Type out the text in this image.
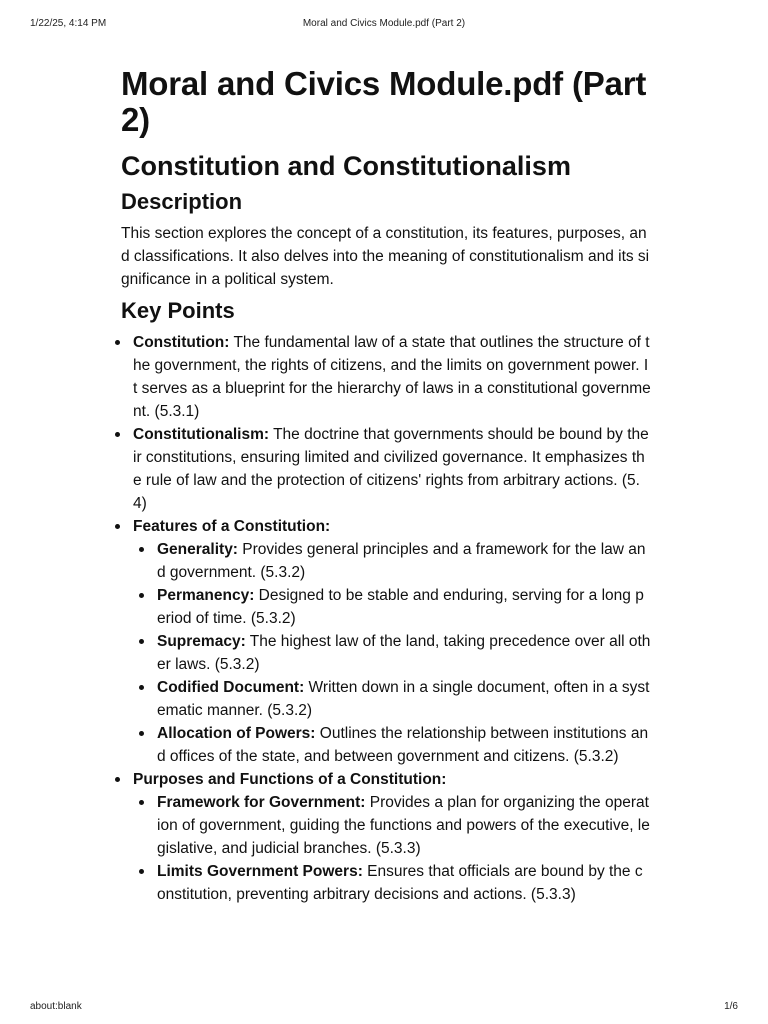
1/22/25, 4:14 PM	Moral and Civics Module.pdf (Part 2)
Moral and Civics Module.pdf (Part 2)
Constitution and Constitutionalism
Description

This section explores the concept of a constitution, its features, purposes, and classifications. It also delves into the meaning of constitutionalism and its significance in a political system.

Key Points
Constitution: The fundamental law of a state that outlines the structure of the government, the rights of citizens, and the limits on government power. It serves as a blueprint for the hierarchy of laws in a constitutional government. (5.3.1)
Constitutionalism: The doctrine that governments should be bound by their constitutions, ensuring limited and civilized governance. It emphasizes the rule of law and the protection of citizens' rights from arbitrary actions. (5.4)
Features of a Constitution:
Generality: Provides general principles and a framework for the law and government. (5.3.2)
Permanency: Designed to be stable and enduring, serving for a long period of time. (5.3.2)
Supremacy: The highest law of the land, taking precedence over all other laws. (5.3.2)
Codified Document: Written down in a single document, often in a systematic manner. (5.3.2)
Allocation of Powers: Outlines the relationship between institutions and offices of the state, and between government and citizens. (5.3.2)
Purposes and Functions of a Constitution:
Framework for Government: Provides a plan for organizing the operation of government, guiding the functions and powers of the executive, legislative, and judicial branches. (5.3.3)
Limits Government Powers: Ensures that officials are bound by the constitution, preventing arbitrary decisions and actions. (5.3.3)
about:blank	1/6
